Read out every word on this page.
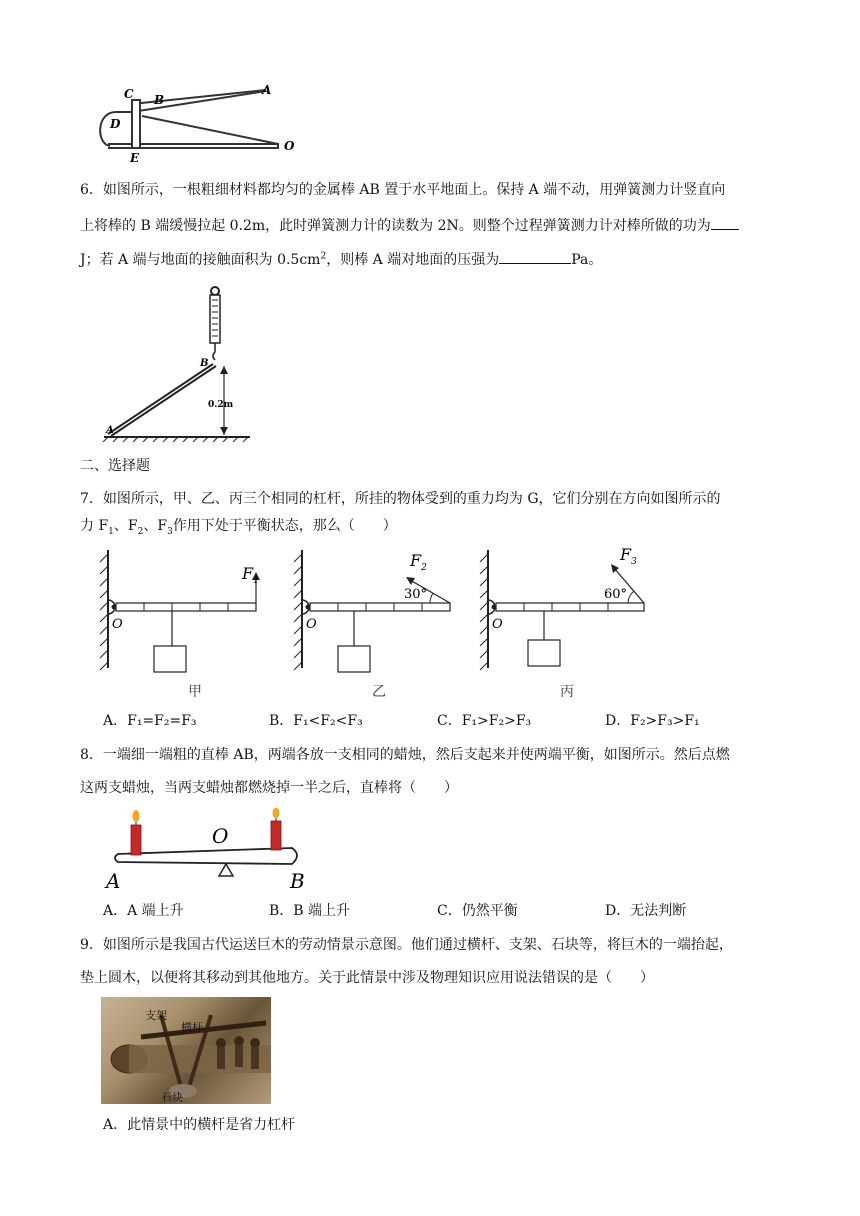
C B
A
D
O
E
6．如图所示，一根粗细材料都均匀的金属棒 AB 置于水平地面上。保持 A 端不动，用弹簧测力计竖直向
上将棒的 B 端缓慢拉起 0.2m，此时弹簧测力计的读数为 2N。则整个过程弹簧测力计对棒所做的功为
J；若 A 端与地面的接触面积为 $0.5cm^2$，则棒 A 端对地面的压强为	Pa。
B
A
0.2m
二、选择题
7．如图所示，甲、乙、丙三个相同的杠杆，所挂的物体受到的重力均为 G，它们分别在方向如图所示的
力 $F_1$、$F_2$、$F_3$作用下处于平衡状态，那么（　　）
$F_1$
O
甲
30°
$F_2$
O
乙
60°
$F_3$
O
丙
A．F₁=F₂=F₃	B．F₁<F₂<F₃	C．F₁>F₂>F₃	D．F₂>F₃>F₁
8．一端细一端粗的直棒 AB，两端各放一支相同的蜡烛，然后支起来并使两端平衡，如图所示。然后点燃
这两支蜡烛，当两支蜡烛都燃烧掉一半之后，直棒将（　　）
O
A	B
A．A 端上升	B．B 端上升	C．仍然平衡	D．无法判断
9．如图所示是我国古代运送巨木的劳动情景示意图。他们通过横杆、支架、石块等，将巨木的一端抬起，
垫上圆木，以便将其移动到其他地方。关于此情景中涉及物理知识应用说法错误的是（　　）
支架
横杆
石块
A．此情景中的横杆是省力杠杆
